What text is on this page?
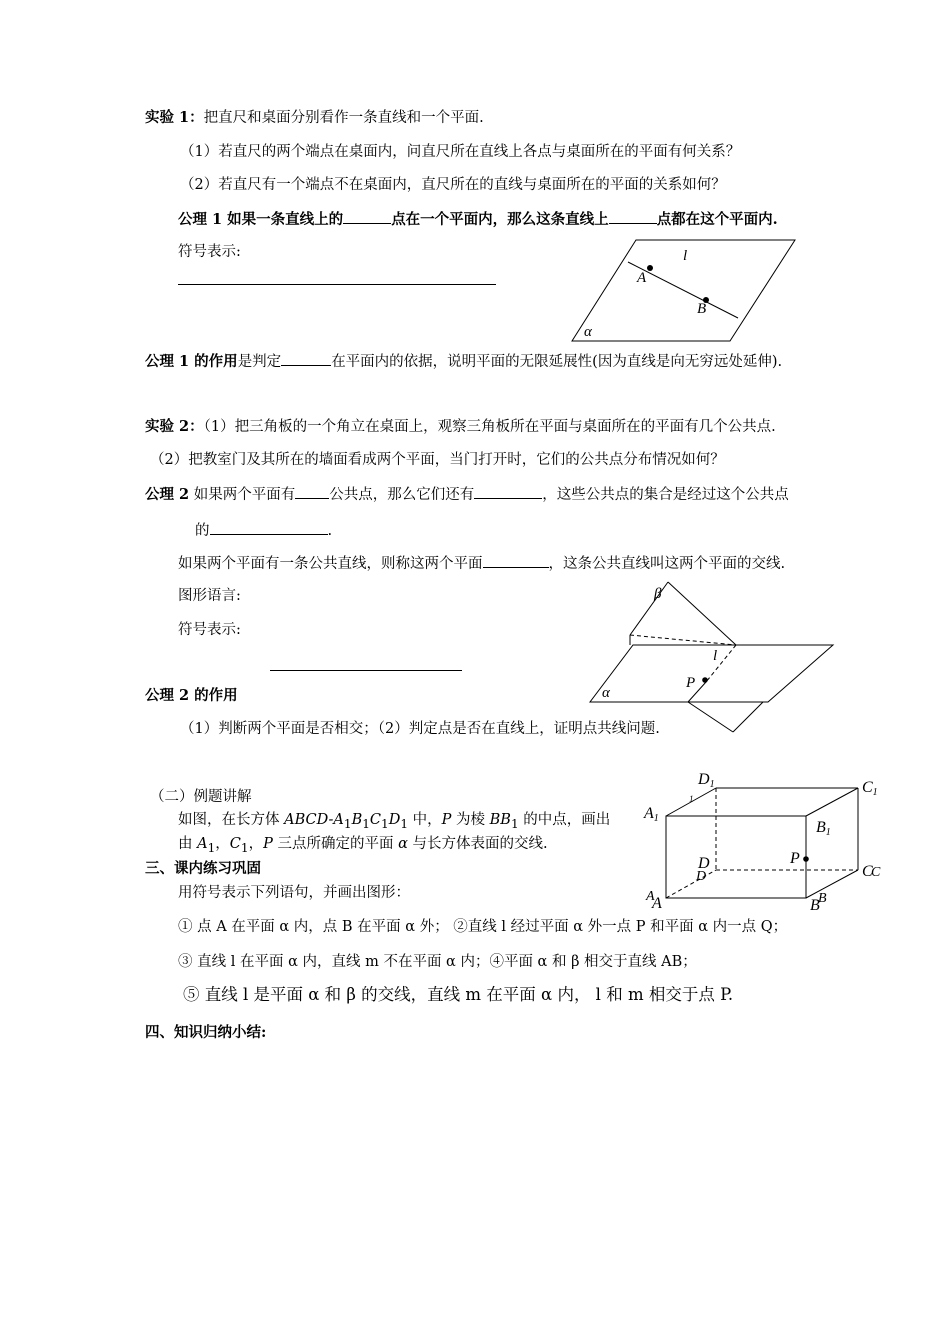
实验 1：把直尺和桌面分别看作一条直线和一个平面.
（1）若直尺的两个端点在桌面内，问直尺所在直线上各点与桌面所在的平面有何关系？
（2）若直尺有一个端点不在桌面内，直尺所在的直线与桌面所在的平面的关系如何？
公理 1 如果一条直线上的	点在一个平面内，那么这条直线上	点都在这个平面内.
符号表示:	l
A
B
α
公理 1 的作用是判定	在平面内的依据，说明平面的无限延展性(因为直线是向无穷远处延伸).
实验 2：（1）把三角板的一个角立在桌面上，观察三角板所在平面与桌面所在的平面有几个公共点.
（2）把教室门及其所在的墙面看成两个平面，当门打开时，它们的公共点分布情况如何？
公理 2 如果两个平面有 公共点，那么它们还有	，这些公共点的集合是经过这个公共点
的	.
如果两个平面有一条公共直线，则称这两个平面	，这条公共直线叫这两个平面的交线.
图形语言:
符号表示:
公理 2 的作用
（1）判断两个平面是否相交；（2）判定点是否在直线上，证明点共线问题.
β
l
P
α
（二）例题讲解
如图，在长方体 ABCD-$A_1B_1C_1D_1$ 中，P 为棱 $BB_1$ 的中点，画出
由 $A_1$，$C_1$，P 三点所确定的平面 α 与长方体表面的交线.
D1	C1
A1
B1
1
D
D
P
C
C
A
A	B
B
三、课内练习巩固
用符号表示下列语句，并画出图形：
① 点 A 在平面 α 内，点 B 在平面 α 外； ②直线 l 经过平面 α 外一点 P 和平面 α 内一点 Q；
③ 直线 l 在平面 α 内，直线 m 不在平面 α 内；④平面 α 和 β 相交于直线 AB；
⑤ 直线 l 是平面 α 和 β 的交线，直线 m 在平面 α 内， l 和 m 相交于点 P.
四、知识归纳小结:
